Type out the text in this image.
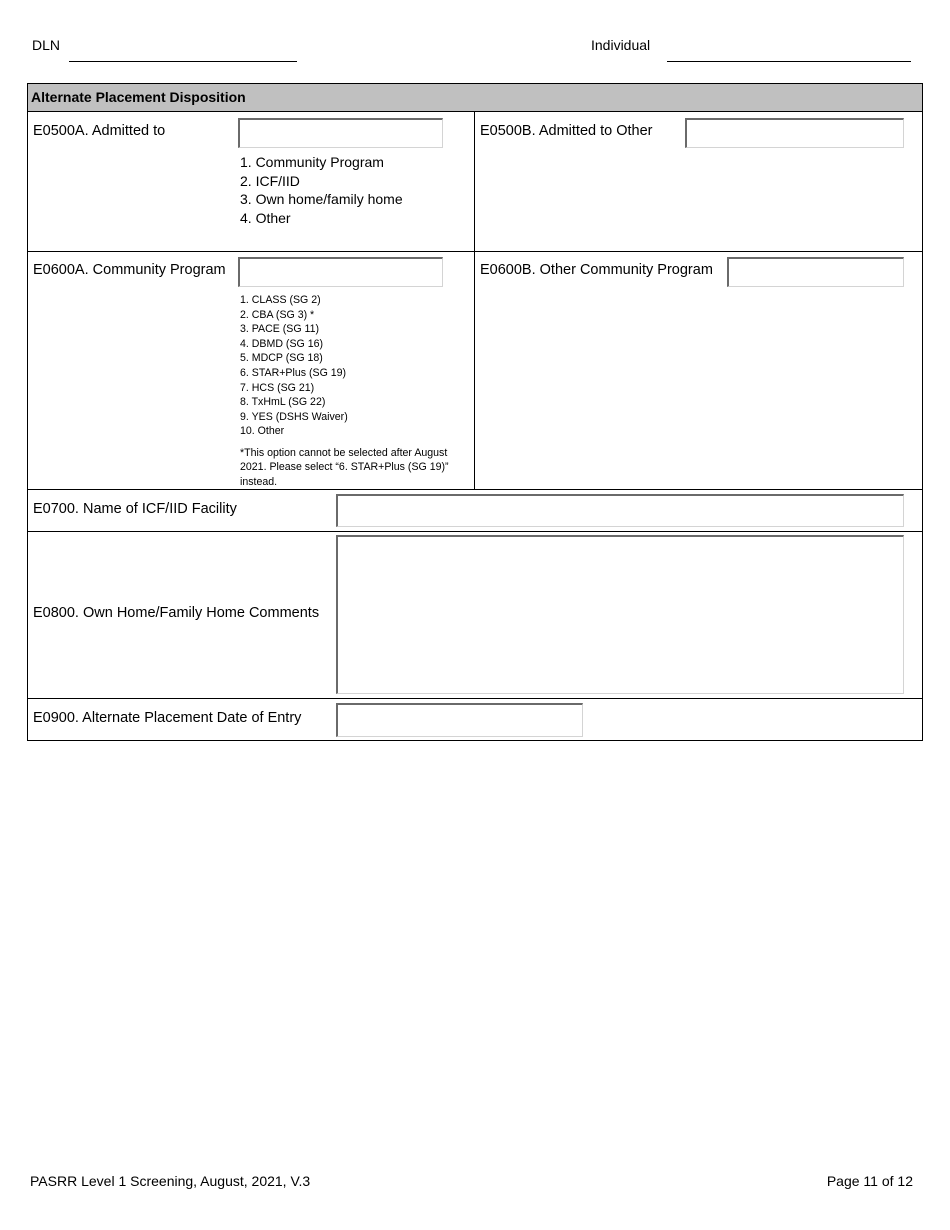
DLN	Individual
Alternate Placement Disposition
E0500A. Admitted to
1. Community Program
2. ICF/IID
3. Own home/family home
4. Other
E0500B. Admitted to Other
E0600A. Community Program
1. CLASS (SG 2)
2. CBA (SG 3) *
3. PACE (SG 11)
4. DBMD (SG 16)
5. MDCP (SG 18)
6. STAR+Plus (SG 19)
7. HCS (SG 21)
8. TxHmL (SG 22)
9. YES (DSHS Waiver)
10. Other
*This option cannot be selected after August 2021. Please select “6. STAR+Plus (SG 19)” instead.
E0600B. Other Community Program
E0700. Name of ICF/IID Facility
E0800. Own Home/Family Home Comments
E0900. Alternate Placement Date of Entry
PASRR Level 1 Screening, August, 2021, V.3	Page 11 of 12
